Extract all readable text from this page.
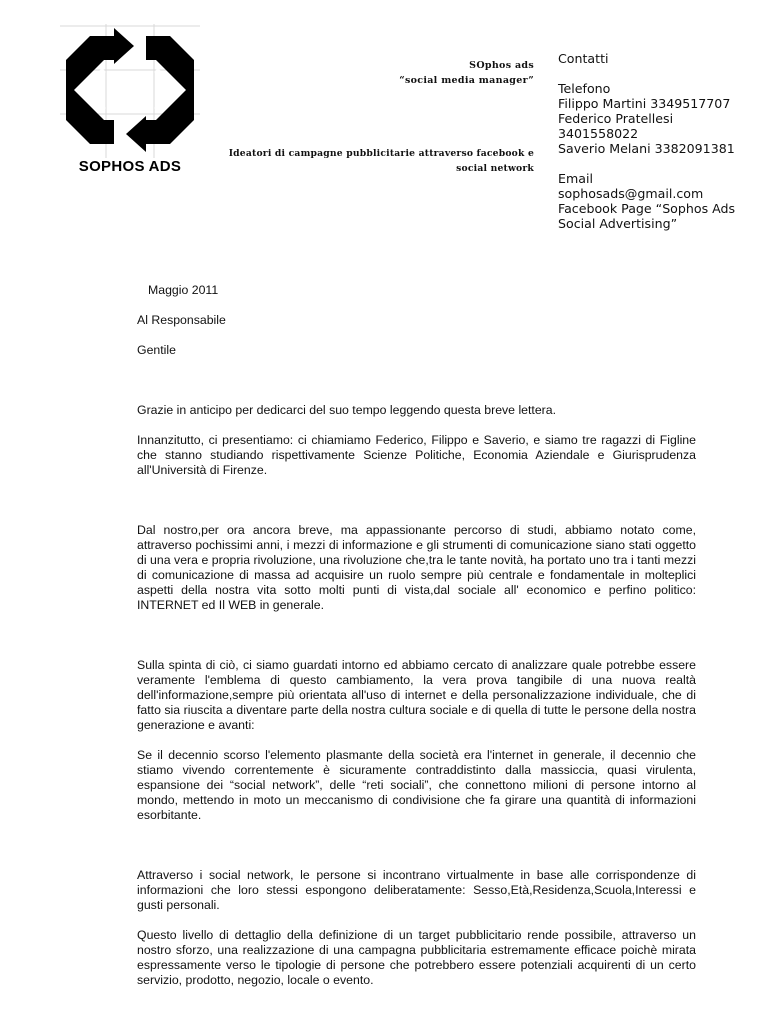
SOPHOS ADS
SOphos ads
“social media manager”
Ideatori di campagne pubblicitarie attraverso facebook e
social network
Contatti
Telefono
Filippo Martini 3349517707
Federico Pratellesi
3401558022
Saverio Melani 3382091381
Email
sophosads@gmail.com
Facebook Page “Sophos Ads
Social Advertising”

Maggio 2011

Al Responsabile

Gentile

Grazie in anticipo per dedicarci del suo tempo leggendo questa breve lettera.

Innanzitutto, ci presentiamo: ci chiamiamo Federico, Filippo e Saverio, e siamo tre ragazzi di Figline che stanno studiando rispettivamente Scienze Politiche, Economia Aziendale e Giurisprudenza all'Università di Firenze.

Dal nostro,per ora ancora breve, ma appassionante percorso di studi, abbiamo notato come, attraverso pochissimi anni, i mezzi di informazione e gli strumenti di comunicazione siano stati oggetto di una vera e propria rivoluzione, una rivoluzione che,tra le tante novità, ha portato uno tra i tanti mezzi di comunicazione di massa ad acquisire un ruolo sempre più centrale e fondamentale in molteplici aspetti della nostra vita sotto molti punti di vista,dal sociale all' economico e perfino politico: INTERNET ed Il WEB in generale.

Sulla spinta di ciò, ci siamo guardati intorno ed abbiamo cercato di analizzare quale potrebbe essere veramente l'emblema di questo cambiamento, la vera prova tangibile di una nuova realtà dell'informazione,sempre più orientata all'uso di internet e della personalizzazione individuale, che di fatto sia riuscita a diventare parte della nostra cultura sociale e di quella di tutte le persone della nostra generazione e avanti:

Se il decennio scorso l'elemento plasmante della società era l'internet in generale, il decennio che stiamo vivendo correntemente è sicuramente contraddistinto dalla massiccia, quasi virulenta, espansione dei “social network”, delle “reti sociali”, che connettono milioni di persone intorno al mondo, mettendo in moto un meccanismo di condivisione che fa girare una quantità di informazioni esorbitante.

Attraverso i social network, le persone si incontrano virtualmente in base alle corrispondenze di informazioni che loro stessi espongono deliberatamente: Sesso,Età,Residenza,Scuola,Interessi e gusti personali.

Questo livello di dettaglio della definizione di un target pubblicitario rende possibile, attraverso un nostro sforzo, una realizzazione di una campagna pubblicitaria estremamente efficace poichè mirata espressamente verso le tipologie di persone che potrebbero essere potenziali acquirenti di un certo servizio, prodotto, negozio, locale o evento.
